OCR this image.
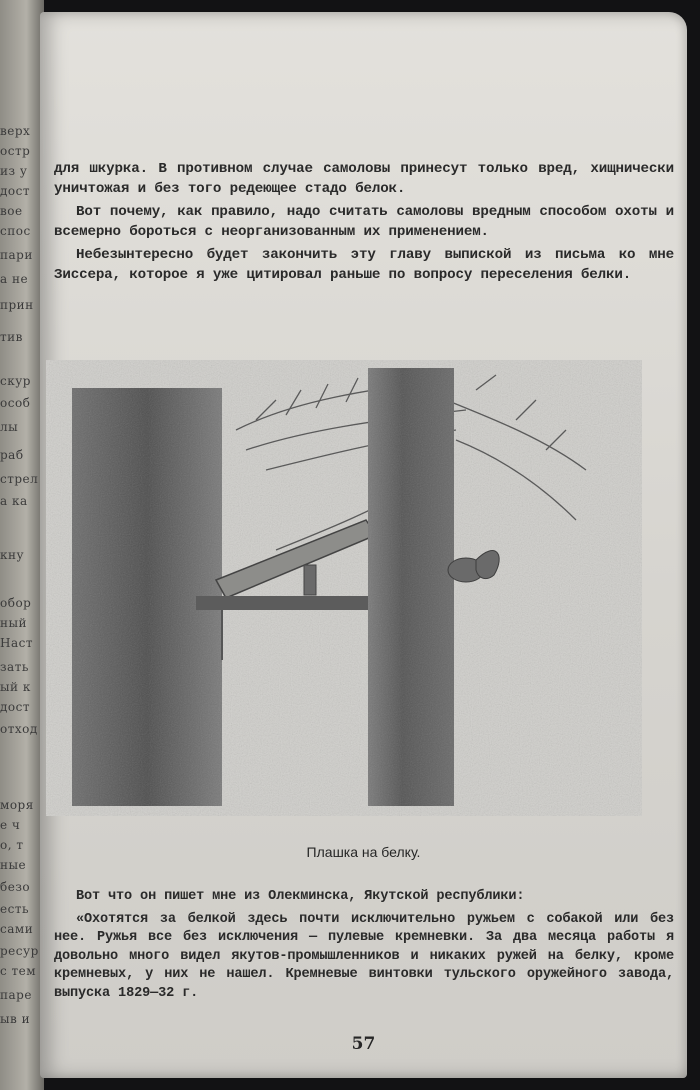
верх
остр
из у
дост
вое
спос
пари
а не
прин
тив
скур
особ
лы
раб
стрел
а ка
кну
обор
ный
Наст
зать
ый к
дост
отход
моря
е ч
о, т
ные
безо
есть
сами
ресур
с тем
паре
ыв и

для шкурка. В противном случае самоловы принесут только вред, хищнически уничтожая и без того редеющее стадо белок.

Вот почему, как правило, надо считать самоловы вредным способом охоты и всемерно бороться с неорганизованным их применением.

Небезынтересно будет закончить эту главу выпиской из письма ко мне Зиссера, которое я уже цитировал раньше по вопросу переселения белки.

Плашка на белку.

Вот что он пишет мне из Олекминска, Якутской республики:

«Охотятся за белкой здесь почти исключительно ружьем с собакой или без нее. Ружья все без исключения — пулевые кремневки. За два месяца работы я довольно много видел якутов-промышленников и никаких ружей на белку, кроме кремневых, у них не нашел. Кремневые винтовки тульского оружейного завода, выпуска 1829—32 г.

57
